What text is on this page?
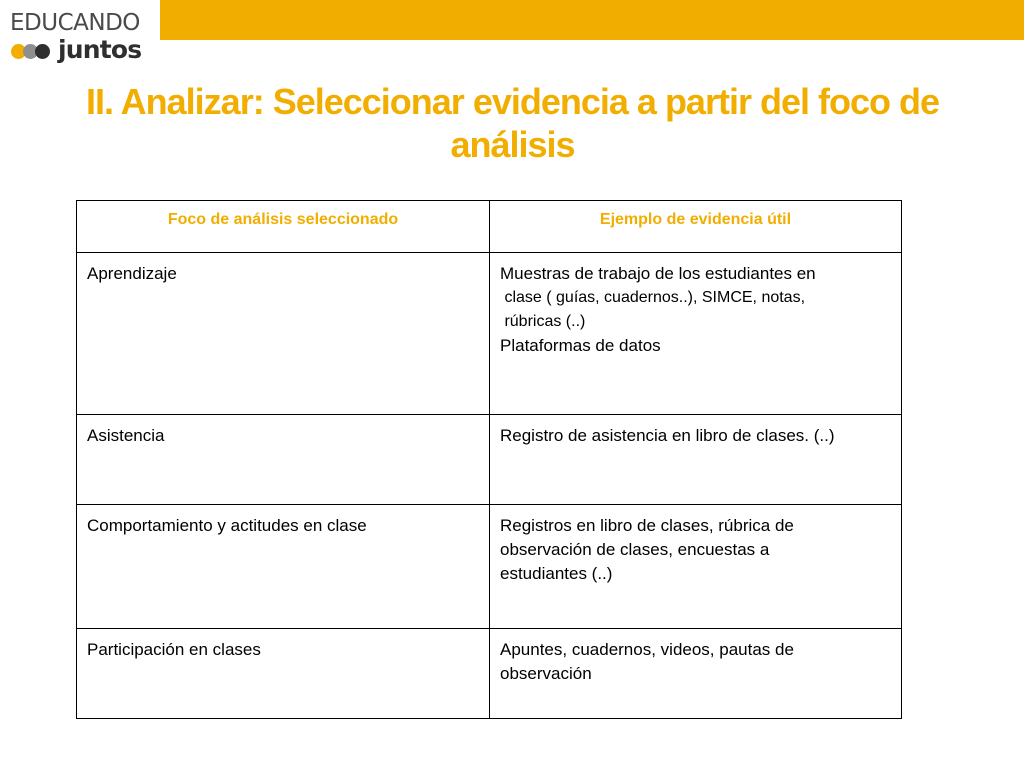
EDUCANDO
juntos
II. Analizar: Seleccionar evidencia a partir del foco de análisis
Foco de análisis seleccionado	Ejemplo de evidencia útil
Aprendizaje	Muestras de trabajo de los estudiantes en
clase ( guías, cuadernos..), SIMCE, notas,
rúbricas (..)
Plataformas de datos

Asistencia	Registro de asistencia en libro de clases. (..)

Comportamiento y actitudes en clase	Registros en libro de clases, rúbrica de
observación de clases, encuestas a
estudiantes (..)

Participación en clases	Apuntes, cuadernos, videos, pautas de
observación
